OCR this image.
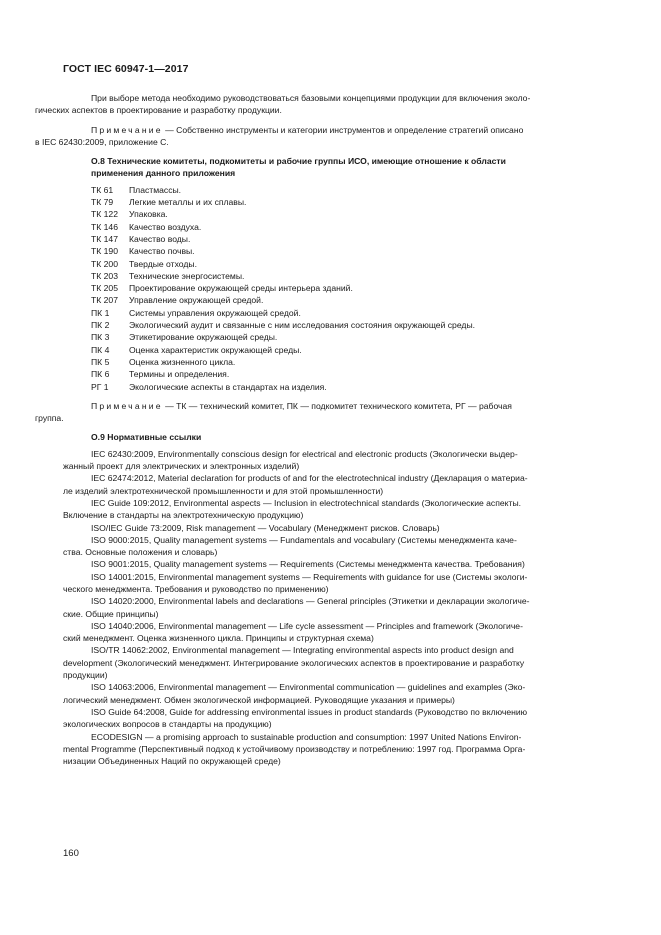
ГОСТ IEC 60947-1—2017

При выборе метода необходимо руководствоваться базовыми концепциями продукции для включения эколо-
гических аспектов в проектирование и разработку продукции.

Примечание — Собственно инструменты и категории инструментов и определение стратегий описано
в IEC 62430:2009, приложение С.

O.8 Технические комитеты, подкомитеты и рабочие группы ИСО, имеющие отношение к области
применения данного приложения

ТК 61	Пластмассы.
ТК 79	Легкие металлы и их сплавы.
ТК 122	Упаковка.
ТК 146	Качество воздуха.
ТК 147	Качество воды.
ТК 190	Качество почвы.
ТК 200	Твердые отходы.
ТК 203	Технические энергосистемы.
ТК 205	Проектирование окружающей среды интерьера зданий.
ТК 207	Управление окружающей средой.
ПК 1	Системы управления окружающей средой.
ПК 2	Экологический аудит и связанные с ним исследования состояния окружающей среды.
ПК 3	Этикетирование окружающей среды.
ПК 4	Оценка характеристик окружающей среды.
ПК 5	Оценка жизненного цикла.
ПК 6	Термины и определения.
РГ 1	Экологические аспекты в стандартах на изделия.

Примечание — ТК — технический комитет, ПК — подкомитет технического комитета, РГ — рабочая
группа.

O.9 Нормативные ссылки

IEC 62430:2009, Environmentally conscious design for electrical and electronic products (Экологически выдер-
жанный проект для электрических и электронных изделий)

IEC 62474:2012, Material declaration for products of and for the electrotechnical industry (Декларация о материа-
ле изделий электротехнической промышленности и для этой промышленности)

IEC Guide 109:2012, Environmental aspects — Inclusion in electrotechnical standards (Экологические аспекты.
Включение в стандарты на электротехническую продукцию)

ISO/IEC Guide 73:2009, Risk management — Vocabulary (Менеджмент рисков. Словарь)

ISO 9000:2015, Quality management systems — Fundamentals and vocabulary (Системы менеджмента каче-
ства. Основные положения и словарь)

ISO 9001:2015, Quality management systems — Requirements (Системы менеджмента качества. Требования)

ISO 14001:2015, Environmental management systems — Requirements with guidance for use (Системы экологи-
ческого менеджмента. Требования и руководство по применению)

ISO 14020:2000, Environmental labels and declarations — General principles (Этикетки и декларации экологиче-
ские. Общие принципы)

ISO 14040:2006, Environmental management — Life cycle assessment — Principles and framework (Экологиче-
ский менеджмент. Оценка жизненного цикла. Принципы и структурная схема)

ISO/TR 14062:2002, Environmental management — Integrating environmental aspects into product design and
development (Экологический менеджмент. Интегрирование экологических аспектов в проектирование и разработку
продукции)

ISO 14063:2006, Environmental management — Environmental communication — guidelines and examples (Эко-
логический менеджмент. Обмен экологической информацией. Руководящие указания и примеры)

ISO Guide 64:2008, Guide for addressing environmental issues in product standards (Руководство по включению
экологических вопросов в стандарты на продукцию)

ECODESIGN — a promising approach to sustainable production and consumption: 1997 United Nations Environ-
mental Programme (Перспективный подход к устойчивому производству и потреблению: 1997 год. Программа Орга-
низации Объединенных Наций по окружающей среде)

160
